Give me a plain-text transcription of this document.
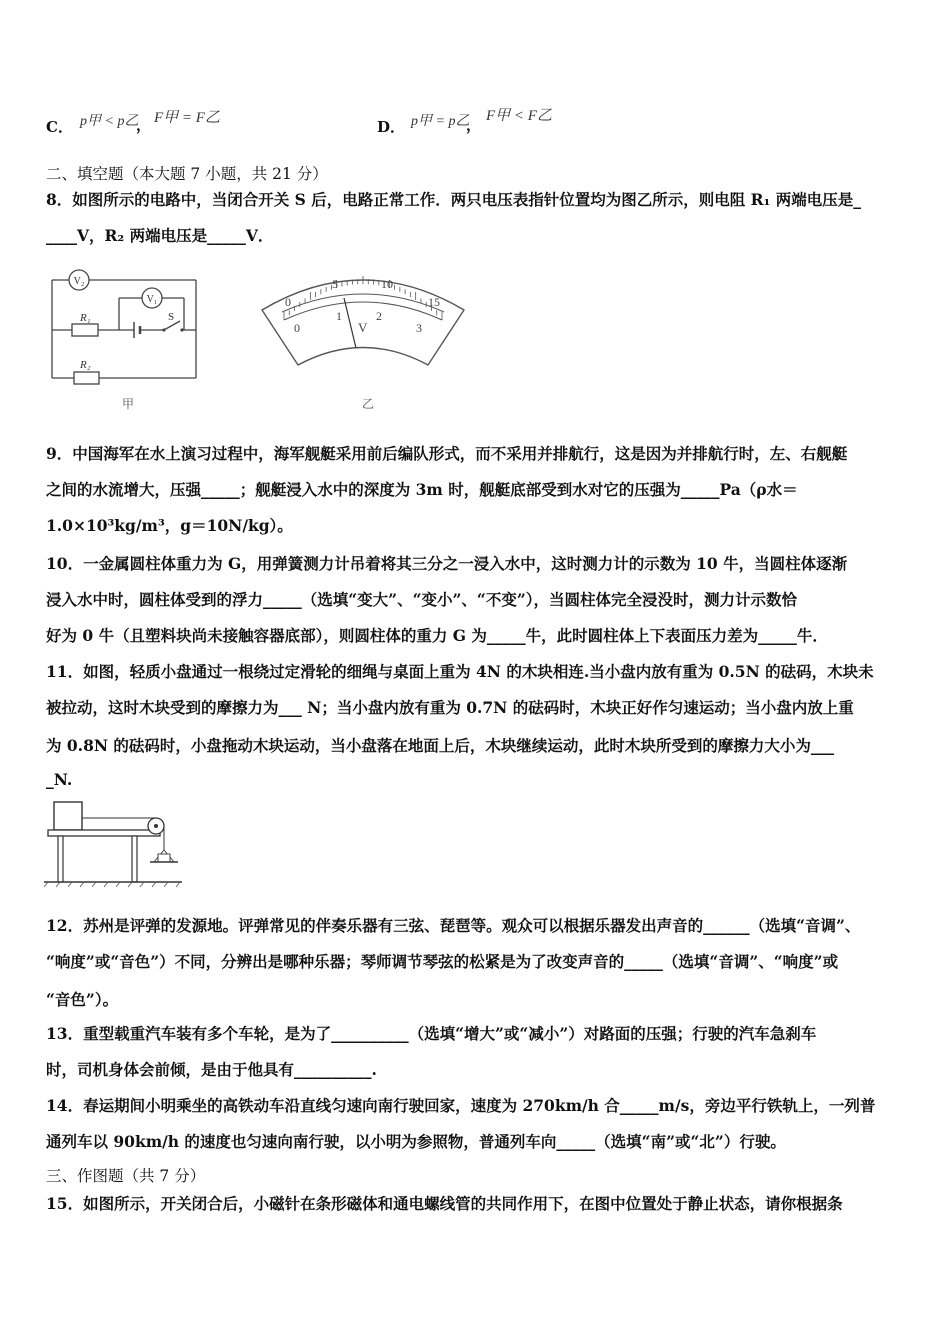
C． p甲 < p乙
， F甲 = F乙	D． p甲 = p乙
， F甲 < F乙
二、填空题（本大题 7 小题，共 21 分）
8．如图所示的电路中，当闭合开关 S 后，电路正常工作．两只电压表指针位置均为图乙所示，则电阻 R₁ 两端电压是_
____V，R₂ 两端电压是_____V．
V₂
V₁
R₁	S
R₂
甲
0
5	10
15
0
1	2
3
V
乙
9．中国海军在水上演习过程中，海军舰艇采用前后编队形式，而不采用并排航行，这是因为并排航行时，左、右舰艇
之间的水流增大，压强_____；舰艇浸入水中的深度为 3m 时，舰艇底部受到水对它的压强为_____Pa（ρ水＝
1.0×10³kg/m³，g＝10N/kg）。
10．一金属圆柱体重力为 G，用弹簧测力计吊着将其三分之一浸入水中，这时测力计的示数为 10 牛，当圆柱体逐渐
浸入水中时，圆柱体受到的浮力_____（选填“变大”、“变小”、“不变”），当圆柱体完全浸没时，测力计示数恰
好为 0 牛（且塑料块尚未接触容器底部），则圆柱体的重力 G 为_____牛，此时圆柱体上下表面压力差为_____牛．
11．如图，轻质小盘通过一根绕过定滑轮的细绳与桌面上重为 4N 的木块相连.当小盘内放有重为 0.5N 的砝码，木块未
被拉动，这时木块受到的摩擦力为___ N；当小盘内放有重为 0.7N 的砝码时，木块正好作匀速运动；当小盘内放上重
为 0.8N 的砝码时，小盘拖动木块运动，当小盘落在地面上后，木块继续运动，此时木块所受到的摩擦力大小为___
_N.
12．苏州是评弹的发源地。评弹常见的伴奏乐器有三弦、琵琶等。观众可以根据乐器发出声音的______（选填“音调”、
“响度”或“音色”）不同，分辨出是哪种乐器；琴师调节琴弦的松紧是为了改变声音的_____（选填“音调”、“响度”或
“音色”）。
13．重型载重汽车装有多个车轮，是为了__________（选填“增大”或“减小”）对路面的压强；行驶的汽车急刹车
时，司机身体会前倾，是由于他具有__________.
14．春运期间小明乘坐的高铁动车沿直线匀速向南行驶回家，速度为 270km/h 合_____m/s，旁边平行铁轨上，一列普
通列车以 90km/h 的速度也匀速向南行驶，以小明为参照物，普通列车向_____（选填“南”或“北”）行驶。
三、作图题（共 7 分）
15．如图所示，开关闭合后，小磁针在条形磁体和通电螺线管的共同作用下，在图中位置处于静止状态，请你根据条
